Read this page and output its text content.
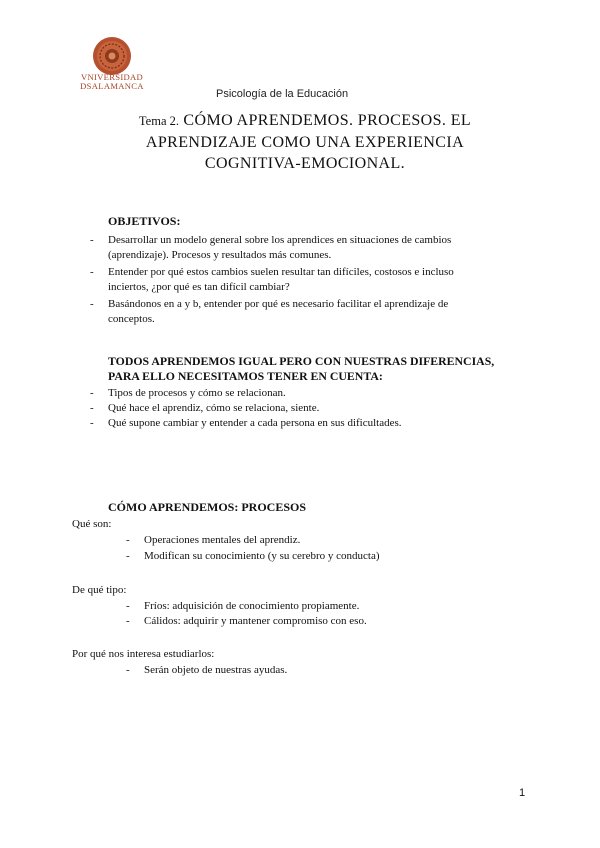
VNIVERSIDAD
DSALAMANCA
Psicología de la Educación
Tema 2. CÓMO APRENDEMOS. PROCESOS. EL
APRENDIZAJE COMO UNA EXPERIENCIA
COGNITIVA-EMOCIONAL.
OBJETIVOS:
- Desarrollar un modelo general sobre los aprendices en situaciones de cambios
(aprendizaje). Procesos y resultados más comunes.
- Entender por qué estos cambios suelen resultar tan difíciles, costosos e incluso
inciertos, ¿por qué es tan difícil cambiar?
- Basándonos en a y b, entender por qué es necesario facilitar el aprendizaje de
conceptos.
TODOS APRENDEMOS IGUAL PERO CON NUESTRAS DIFERENCIAS,
PARA ELLO NECESITAMOS TENER EN CUENTA:
- Tipos de procesos y cómo se relacionan.
- Qué hace el aprendiz, cómo se relaciona, siente.
- Qué supone cambiar y entender a cada persona en sus dificultades.
CÓMO APRENDEMOS: PROCESOS
Qué son:
- Operaciones mentales del aprendiz.
- Modifican su conocimiento (y su cerebro y conducta)
De qué tipo:
- Fríos: adquisición de conocimiento propiamente.
- Cálidos: adquirir y mantener compromiso con eso.
Por qué nos interesa estudiarlos:
- Serán objeto de nuestras ayudas.
1
